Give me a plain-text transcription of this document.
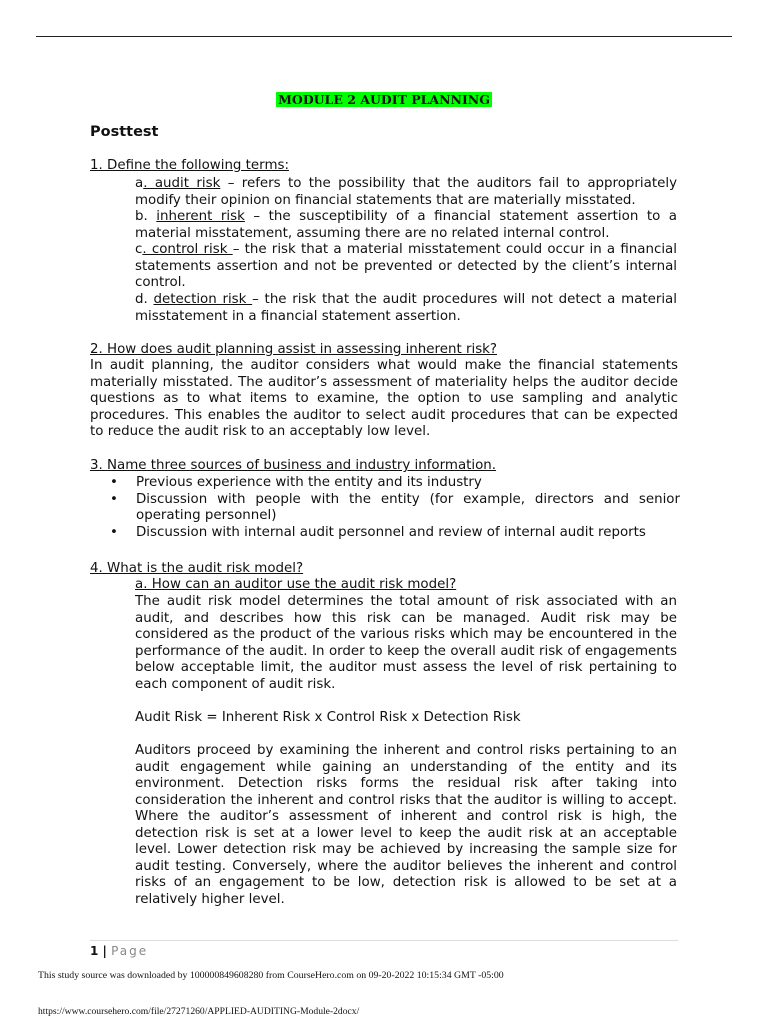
MODULE 2 AUDIT PLANNING
Posttest
1. Define the following terms:
a. audit risk – refers to the possibility that the auditors fail to appropriately modify their opinion on financial statements that are materially misstated.
b. inherent risk – the susceptibility of a financial statement assertion to a material misstatement, assuming there are no related internal control.
c. control risk – the risk that a material misstatement could occur in a financial statements assertion and not be prevented or detected by the client’s internal control.
d. detection risk – the risk that the audit procedures will not detect a material misstatement in a financial statement assertion.
2. How does audit planning assist in assessing inherent risk?
In audit planning, the auditor considers what would make the financial statements materially misstated. The auditor’s assessment of materiality helps the auditor decide questions as to what items to examine, the option to use sampling and analytic procedures. This enables the auditor to select audit procedures that can be expected to reduce the audit risk to an acceptably low level.
3. Name three sources of business and industry information.
• Previous experience with the entity and its industry
• Discussion with people with the entity (for example, directors and senior operating personnel)
• Discussion with internal audit personnel and review of internal audit reports
4. What is the audit risk model?
a. How can an auditor use the audit risk model?
The audit risk model determines the total amount of risk associated with an audit, and describes how this risk can be managed. Audit risk may be considered as the product of the various risks which may be encountered in the performance of the audit. In order to keep the overall audit risk of engagements below acceptable limit, the auditor must assess the level of risk pertaining to each component of audit risk.
Audit Risk = Inherent Risk x Control Risk x Detection Risk
Auditors proceed by examining the inherent and control risks pertaining to an audit engagement while gaining an understanding of the entity and its environment. Detection risks forms the residual risk after taking into consideration the inherent and control risks that the auditor is willing to accept. Where the auditor’s assessment of inherent and control risk is high, the detection risk is set at a lower level to keep the audit risk at an acceptable level. Lower detection risk may be achieved by increasing the sample size for audit testing. Conversely, where the auditor believes the inherent and control risks of an engagement to be low, detection risk is allowed to be set at a relatively higher level.
1 | Page
This study source was downloaded by 100000849608280 from CourseHero.com on 09-20-2022 10:15:34 GMT -05:00
https://www.coursehero.com/file/27271260/APPLIED-AUDITING-Module-2docx/
